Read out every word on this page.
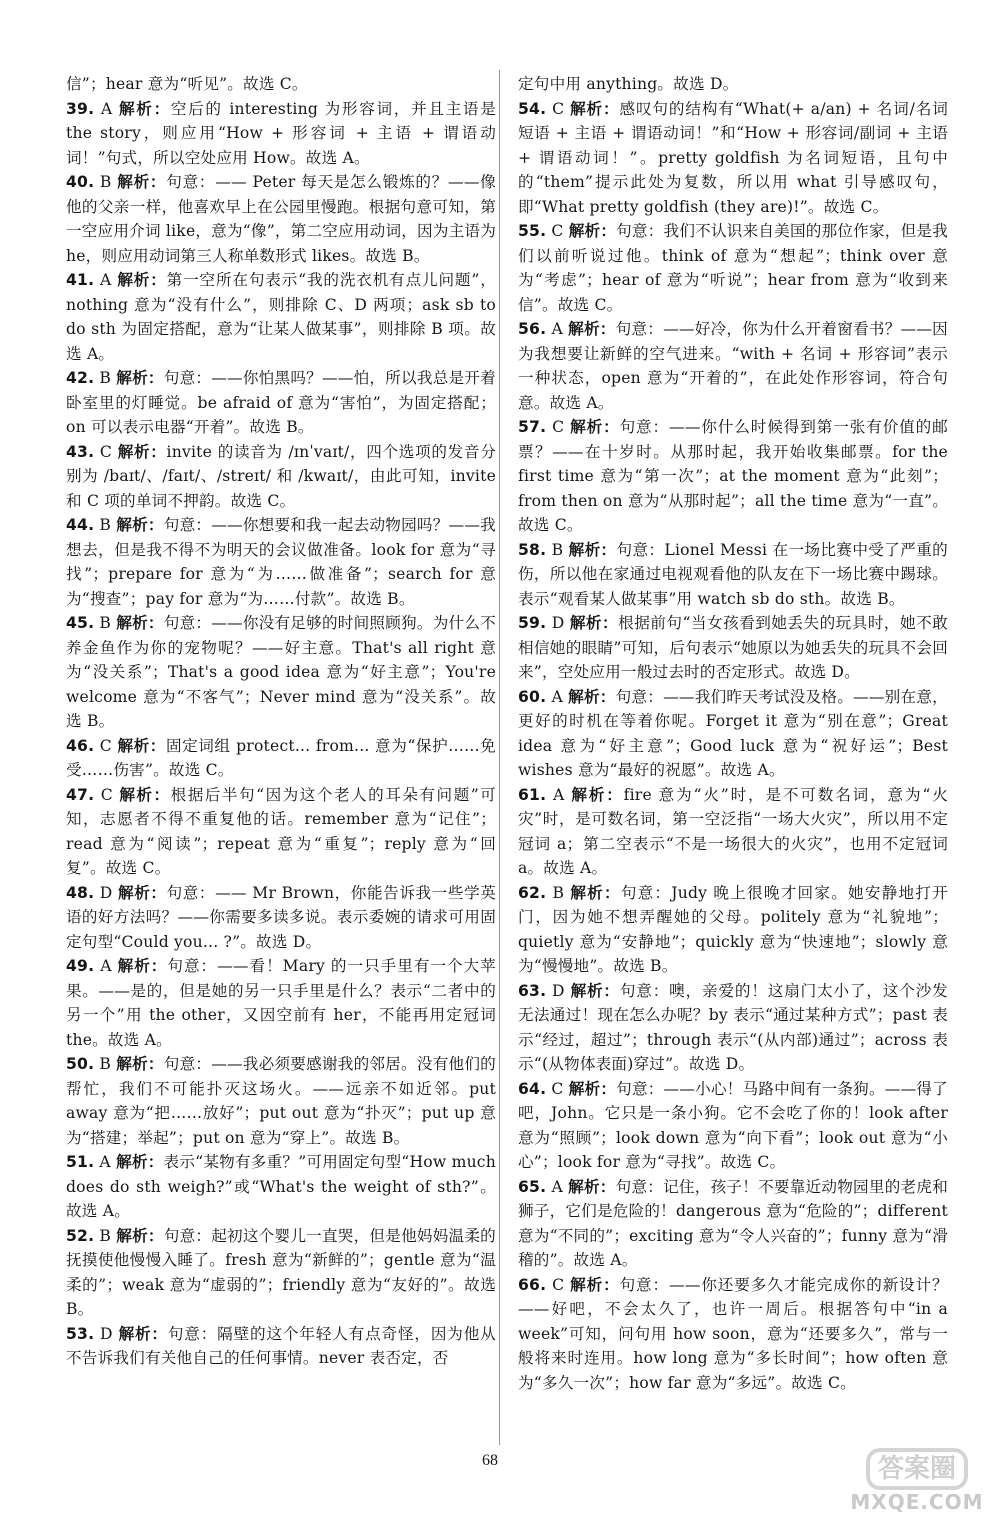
信”；hear 意为“听见”。故选 C。

39. A 解析：空后的 interesting 为形容词，并且主语是 the story，则应用“How + 形容词 + 主语 + 谓语动词！”句式，所以空处应用 How。故选 A。

40. B 解析：句意：—— Peter 每天是怎么锻炼的？——像他的父亲一样，他喜欢早上在公园里慢跑。根据句意可知，第一空应用介词 like，意为“像”，第二空应用动词，因为主语为 he，则应用动词第三人称单数形式 likes。故选 B。

41. A 解析：第一空所在句表示“我的洗衣机有点儿问题”，nothing 意为“没有什么”，则排除 C、D 两项；ask sb to do sth 为固定搭配，意为“让某人做某事”，则排除 B 项。故选 A。

42. B 解析：句意：——你怕黑吗？——怕，所以我总是开着卧室里的灯睡觉。be afraid of 意为“害怕”，为固定搭配；on 可以表示电器“开着”。故选 B。

43. C 解析：invite 的读音为 /ɪnˈvaɪt/，四个选项的发音分别为 /baɪt/、/faɪt/、/streɪt/ 和 /kwaɪt/，由此可知，invite 和 C 项的单词不押韵。故选 C。

44. B 解析：句意：——你想要和我一起去动物园吗？——我想去，但是我不得不为明天的会议做准备。look for 意为“寻找”；prepare for 意为“为……做准备”；search for 意为“搜查”；pay for 意为“为……付款”。故选 B。

45. B 解析：句意：——你没有足够的时间照顾狗。为什么不养金鱼作为你的宠物呢？——好主意。That's all right 意为“没关系”；That's a good idea 意为“好主意”；You're welcome 意为“不客气”；Never mind 意为“没关系”。故选 B。

46. C 解析：固定词组 protect... from... 意为“保护……免受……伤害”。故选 C。

47. C 解析：根据后半句“因为这个老人的耳朵有问题”可知，志愿者不得不重复他的话。remember 意为“记住”；read 意为“阅读”；repeat 意为“重复”；reply 意为“回复”。故选 C。

48. D 解析：句意：—— Mr Brown，你能告诉我一些学英语的好方法吗？——你需要多读多说。表示委婉的请求可用固定句型“Could you... ?”。故选 D。

49. A 解析：句意：——看！Mary 的一只手里有一个大苹果。——是的，但是她的另一只手里是什么？表示“二者中的另一个”用 the other，又因空前有 her，不能再用定冠词 the。故选 A。

50. B 解析：句意：——我必须要感谢我的邻居。没有他们的帮忙，我们不可能扑灭这场火。——远亲不如近邻。put away 意为“把……放好”；put out 意为“扑灭”；put up 意为“搭建；举起”；put on 意为“穿上”。故选 B。

51. A 解析：表示“某物有多重？”可用固定句型“How much does do sth weigh?”或“What's the weight of sth?”。故选 A。

52. B 解析：句意：起初这个婴儿一直哭，但是他妈妈温柔的抚摸使他慢慢入睡了。fresh 意为“新鲜的”；gentle 意为“温柔的”；weak 意为“虚弱的”；friendly 意为“友好的”。故选 B。

53. D 解析：句意：隔壁的这个年轻人有点奇怪，因为他从不告诉我们有关他自己的任何事情。never 表否定，否

定句中用 anything。故选 D。

54. C 解析：感叹句的结构有“What(+ a/an) + 名词/名词短语 + 主语 + 谓语动词！”和“How + 形容词/副词 + 主语 + 谓语动词！”。pretty goldfish 为名词短语，且句中的“them”提示此处为复数，所以用 what 引导感叹句，即“What pretty goldfish (they are)!”。故选 C。

55. C 解析：句意：我们不认识来自美国的那位作家，但是我们以前听说过他。think of 意为“想起”；think over 意为“考虑”；hear of 意为“听说”；hear from 意为“收到来信”。故选 C。

56. A 解析：句意：——好冷，你为什么开着窗看书？——因为我想要让新鲜的空气进来。“with + 名词 + 形容词”表示一种状态，open 意为“开着的”，在此处作形容词，符合句意。故选 A。

57. C 解析：句意：——你什么时候得到第一张有价值的邮票？——在十岁时。从那时起，我开始收集邮票。for the first time 意为“第一次”；at the moment 意为“此刻”；from then on 意为“从那时起”；all the time 意为“一直”。故选 C。

58. B 解析：句意：Lionel Messi 在一场比赛中受了严重的伤，所以他在家通过电视观看他的队友在下一场比赛中踢球。表示“观看某人做某事”用 watch sb do sth。故选 B。

59. D 解析：根据前句“当女孩看到她丢失的玩具时，她不敢相信她的眼睛”可知，后句表示“她原以为她丢失的玩具不会回来”，空处应用一般过去时的否定形式。故选 D。

60. A 解析：句意：——我们昨天考试没及格。——别在意，更好的时机在等着你呢。Forget it 意为“别在意”；Great idea 意为“好主意”；Good luck 意为“祝好运”；Best wishes 意为“最好的祝愿”。故选 A。

61. A 解析：fire 意为“火”时，是不可数名词，意为“火灾”时，是可数名词，第一空泛指“一场大火灾”，所以用不定冠词 a；第二空表示“不是一场很大的火灾”，也用不定冠词 a。故选 A。

62. B 解析：句意：Judy 晚上很晚才回家。她安静地打开门，因为她不想弄醒她的父母。politely 意为“礼貌地”；quietly 意为“安静地”；quickly 意为“快速地”；slowly 意为“慢慢地”。故选 B。

63. D 解析：句意：噢，亲爱的！这扇门太小了，这个沙发无法通过！现在怎么办呢？by 表示“通过某种方式”；past 表示“经过，超过”；through 表示“(从内部)通过”；across 表示“(从物体表面)穿过”。故选 D。

64. C 解析：句意：——小心！马路中间有一条狗。——得了吧，John。它只是一条小狗。它不会吃了你的！look after 意为“照顾”；look down 意为“向下看”；look out 意为“小心”；look for 意为“寻找”。故选 C。

65. A 解析：句意：记住，孩子！不要靠近动物园里的老虎和狮子，它们是危险的！dangerous 意为“危险的”；different 意为“不同的”；exciting 意为“令人兴奋的”；funny 意为“滑稽的”。故选 A。

66. C 解析：句意：——你还要多久才能完成你的新设计？——好吧，不会太久了，也许一周后。根据答句中“in a week”可知，问句用 how soon，意为“还要多久”，常与一般将来时连用。how long 意为“多长时间”；how often 意为“多久一次”；how far 意为“多远”。故选 C。

68	答案圈
MXQE.COM
